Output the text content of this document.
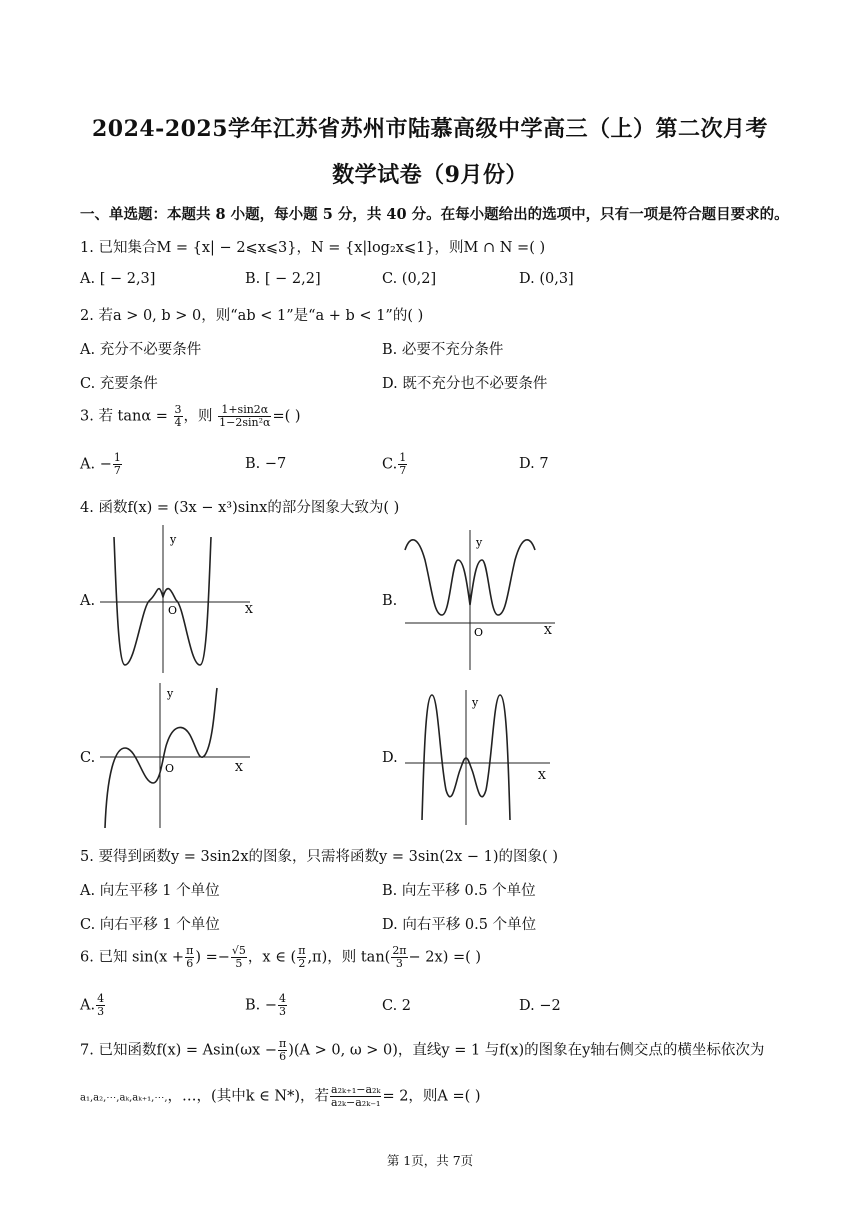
2024-2025学年江苏省苏州市陆慕高级中学高三（上）第二次月考
数学试卷（9月份）
一、单选题：本题共 8 小题，每小题 5 分，共 40 分。在每小题给出的选项中，只有一项是符合题目要求的。
1. 已知集合M = {x| − 2⩽x⩽3}，N = {x|log₂x⩽1}，则M ∩ N =( )
A. [ − 2,3]	B. [ − 2,2]	C. (0,2]	D. (0,3]
2. 若a > 0, b > 0，则“ab < 1”是“a + b < 1”的( )
A. 充分不必要条件	B. 必要不充分条件
C. 充要条件	D. 既不充分也不必要条件
3. 若 $\tan\alpha = \frac{3}{4}$ ，则 $\frac{1+\sin 2\alpha}{\text{1−2sin²α}}$ =( )
A. − $\frac{1}{7}$	B. −7	C. $\frac{1}{7}$	D. 7
4. 函数f(x) = (3x − x³)sinx的部分图象大致为( )
A.
y
O	X
B.
y
O	X
C.
y
O	X
D.
y
X
5. 要得到函数y = 3sin2x的图象，只需将函数y = 3sin(2x − 1)的图象( )
A. 向左平移 1 个单位	B. 向左平移 0.5 个单位
C. 向右平移 1 个单位	D. 向右平移 0.5 个单位
6. 已知 $\sin(x + \frac{\pi}{6}$ ) =− $\frac{√5}{5}$ ，x ∈ ( $\frac{\pi}{2} ,\pi$)，则 $\tan( \frac{2\pi}{3} - 2x)$ =( )
A. $\frac{4}{3}$	B. − $\frac{4}{3}$	C. 2	D. −2
7. 已知函数$f(x) = Asin(\omega x - \frac{\pi}{6} )(A > 0$, ω > 0)，直线y = 1 与f(x)的图象在y轴右侧交点的横坐标依次为
a₁,a₂,⋯,aₖ,aₖ₊₁,⋯,，…，(其中k ∈ N*)，若 $\frac{\text{a₂ₖ₊₁−a₂ₖ}}{\text{a₂ₖ−a₂ₖ₋₁}} = 2$，则A =( )
第 1页，共 7页
